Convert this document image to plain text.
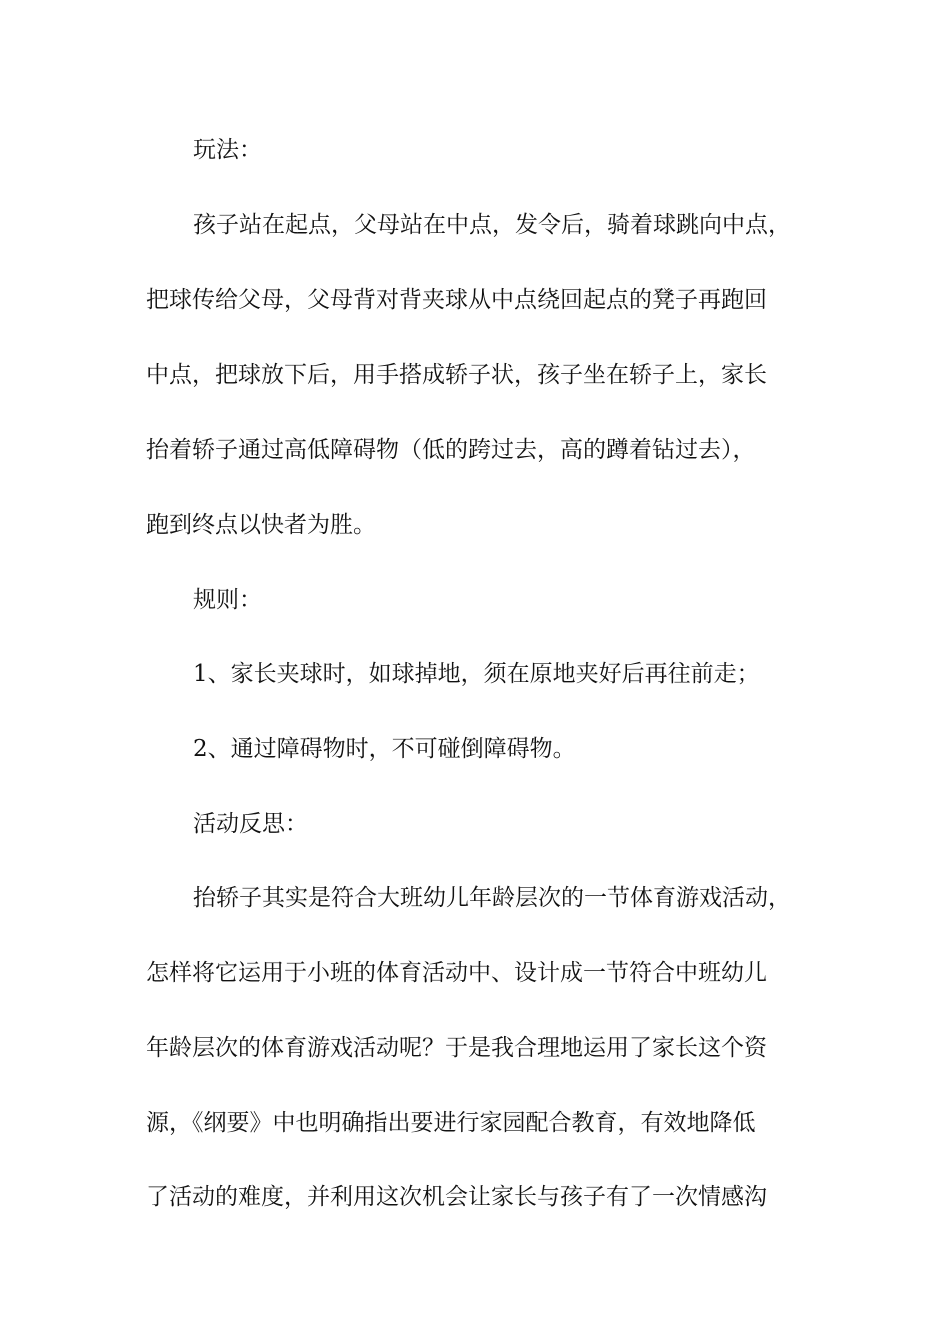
玩法：
孩子站在起点，父母站在中点，发令后，骑着球跳向中点，
把球传给父母，父母背对背夹球从中点绕回起点的凳子再跑回
中点，把球放下后，用手搭成轿子状，孩子坐在轿子上，家长
抬着轿子通过高低障碍物（低的跨过去，高的蹲着钻过去），
跑到终点以快者为胜。
规则：
1、家长夹球时，如球掉地，须在原地夹好后再往前走；
2、通过障碍物时，不可碰倒障碍物。
活动反思：
抬轿子其实是符合大班幼儿年龄层次的一节体育游戏活动，
怎样将它运用于小班的体育活动中、设计成一节符合中班幼儿
年龄层次的体育游戏活动呢？于是我合理地运用了家长这个资
源，《纲要》中也明确指出要进行家园配合教育，有效地降低
了活动的难度，并利用这次机会让家长与孩子有了一次情感沟
